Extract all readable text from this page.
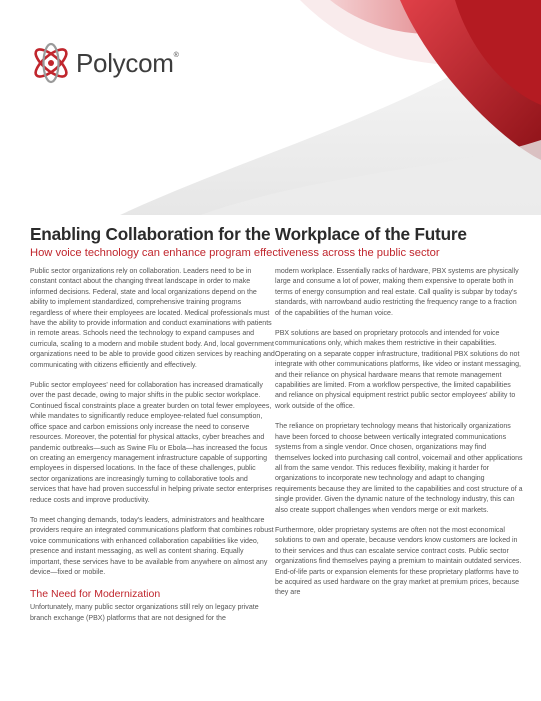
Polycom®
Enabling Collaboration for the Workplace of the Future

How voice technology can enhance program effectiveness across the public sector

Public sector organizations rely on collaboration. Leaders need to be in constant contact about the changing threat landscape in order to make informed decisions. Federal, state and local organizations depend on the ability to implement standardized, comprehensive training programs regardless of where their employees are located. Medical professionals must have the ability to provide information and conduct examinations with patients in remote areas. Schools need the technology to expand campuses and curricula, scaling to a modern and mobile student body. And, local government organizations need to be able to provide good citizen services by reaching and communicating with citizens efficiently and effectively.

Public sector employees' need for collaboration has increased dramatically over the past decade, owing to major shifts in the public sector workplace. Continued fiscal constraints place a greater burden on total fewer employees, while mandates to significantly reduce employee-related fuel consumption, office space and carbon emissions only increase the need to conserve resources. Moreover, the potential for physical attacks, cyber breaches and pandemic outbreaks—such as Swine Flu or Ebola—has increased the focus on creating an emergency management infrastructure capable of supporting employees in dispersed locations. In the face of these challenges, public sector organizations are increasingly turning to collaborative tools and services that have had proven successful in helping private sector enterprises reduce costs and improve productivity.

To meet changing demands, today's leaders, administrators and healthcare providers require an integrated communications platform that combines robust voice communications with enhanced collaboration capabilities like video, presence and instant messaging, as well as content sharing. Equally important, these services have to be available from anywhere on almost any device—fixed or mobile.

The Need for Modernization

Unfortunately, many public sector organizations still rely on legacy private branch exchange (PBX) platforms that are not designed for the

modern workplace. Essentially racks of hardware, PBX systems are physically large and consume a lot of power, making them expensive to operate both in terms of energy consumption and real estate. Call quality is subpar by today's standards, with narrowband audio restricting the frequency range to a fraction of the capabilities of the human voice.

PBX solutions are based on proprietary protocols and intended for voice communications only, which makes them restrictive in their capabilities. Operating on a separate copper infrastructure, traditional PBX solutions do not integrate with other communications platforms, like video or instant messaging, and their reliance on physical hardware means that remote management capabilities are limited. From a workflow perspective, the limited capabilities and reliance on physical equipment restrict public sector employees' ability to work outside of the office.

The reliance on proprietary technology means that historically organizations have been forced to choose between vertically integrated communications systems from a single vendor. Once chosen, organizations may find themselves locked into purchasing call control, voicemail and other applications all from the same vendor. This reduces flexibility, making it harder for organizations to incorporate new technology and adapt to changing requirements because they are limited to the capabilities and cost structure of a single provider. Given the dynamic nature of the technology industry, this can also create support challenges when vendors merge or exit markets.

Furthermore, older proprietary systems are often not the most economical solutions to own and operate, because vendors know customers are locked in to their services and thus can escalate service contract costs. Public sector organizations find themselves paying a premium to maintain outdated services. End-of-life parts or expansion elements for these proprietary platforms have to be acquired as used hardware on the gray market at premium prices, because they are
